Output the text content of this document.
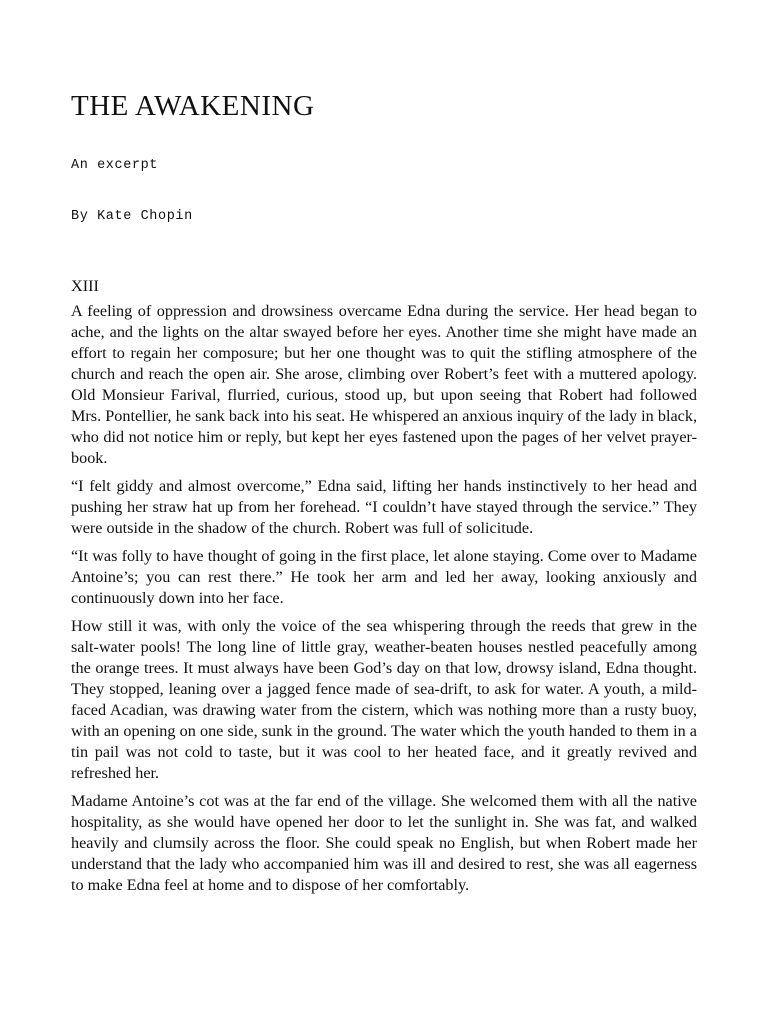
THE AWAKENING

An excerpt

By Kate Chopin

XIII

A feeling of oppression and drowsiness overcame Edna during the service. Her head began to ache, and the lights on the altar swayed before her eyes. Another time she might have made an effort to regain her composure; but her one thought was to quit the stifling atmosphere of the church and reach the open air. She arose, climbing over Robert’s feet with a muttered apology. Old Monsieur Farival, flurried, curious, stood up, but upon seeing that Robert had followed Mrs. Pontellier, he sank back into his seat. He whispered an anxious inquiry of the lady in black, who did not notice him or reply, but kept her eyes fastened upon the pages of her velvet prayer-book.

“I felt giddy and almost overcome,” Edna said, lifting her hands instinctively to her head and pushing her straw hat up from her forehead. “I couldn’t have stayed through the service.” They were outside in the shadow of the church. Robert was full of solicitude.

“It was folly to have thought of going in the first place, let alone staying. Come over to Madame Antoine’s; you can rest there.” He took her arm and led her away, looking anxiously and continuously down into her face.

How still it was, with only the voice of the sea whispering through the reeds that grew in the salt-water pools! The long line of little gray, weather-beaten houses nestled peacefully among the orange trees. It must always have been God’s day on that low, drowsy island, Edna thought. They stopped, leaning over a jagged fence made of sea-drift, to ask for water. A youth, a mild-faced Acadian, was drawing water from the cistern, which was nothing more than a rusty buoy, with an opening on one side, sunk in the ground. The water which the youth handed to them in a tin pail was not cold to taste, but it was cool to her heated face, and it greatly revived and refreshed her.

Madame Antoine’s cot was at the far end of the village. She welcomed them with all the native hospitality, as she would have opened her door to let the sunlight in. She was fat, and walked heavily and clumsily across the floor. She could speak no English, but when Robert made her understand that the lady who accompanied him was ill and desired to rest, she was all eagerness to make Edna feel at home and to dispose of her comfortably.
